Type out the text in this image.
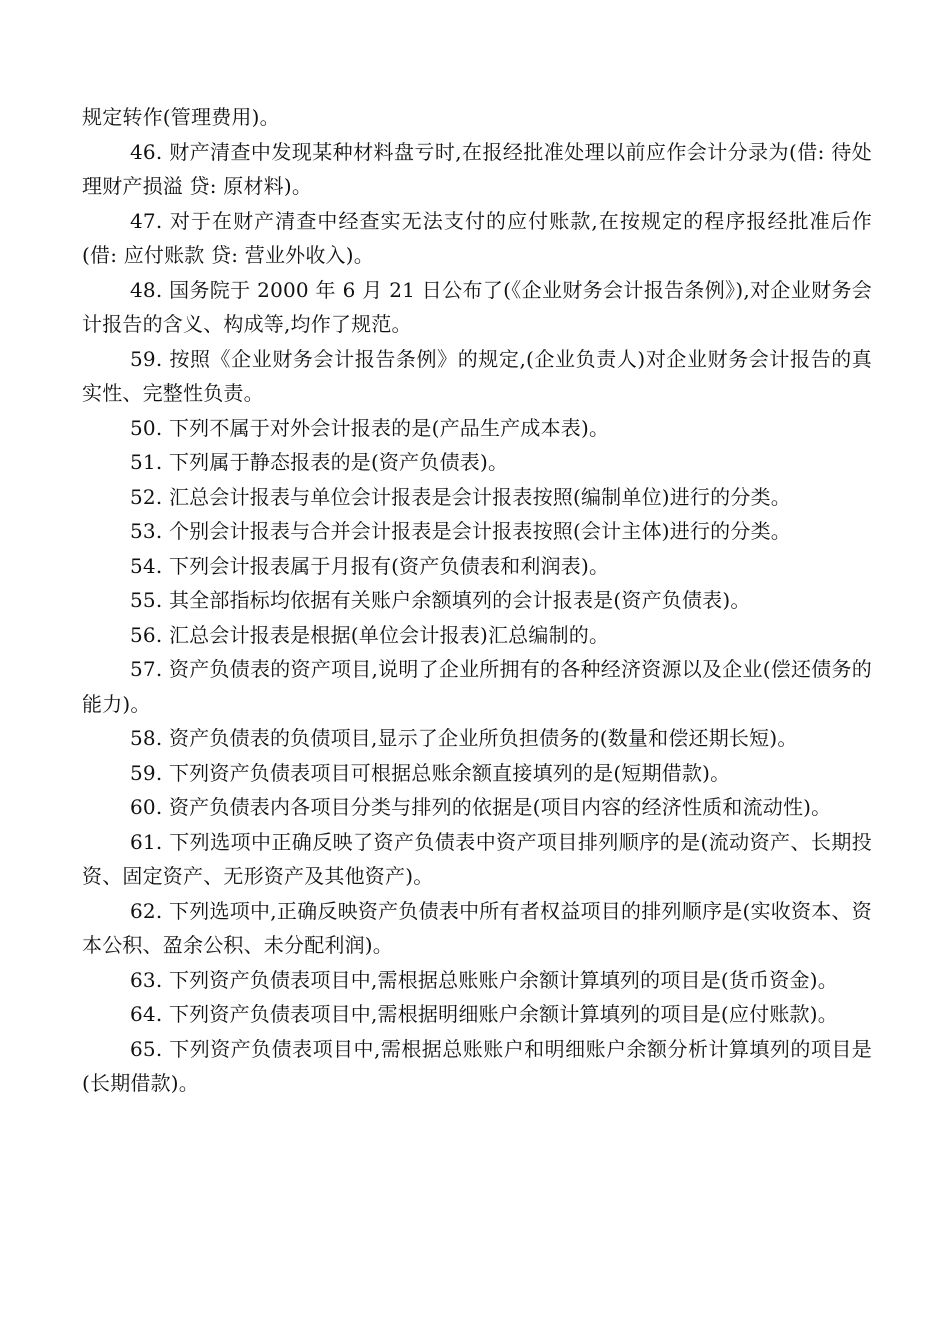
规定转作(管理费用)。

46. 财产清查中发现某种材料盘亏时,在报经批准处理以前应作会计分录为(借: 待处理财产损溢 贷: 原材料)。

47. 对于在财产清查中经查实无法支付的应付账款,在按规定的程序报经批准后作(借: 应付账款 贷: 营业外收入)。

48. 国务院于 2000 年 6 月 21 日公布了(《企业财务会计报告条例》),对企业财务会计报告的含义、构成等,均作了规范。

59. 按照《企业财务会计报告条例》的规定,(企业负责人)对企业财务会计报告的真实性、完整性负责。

50. 下列不属于对外会计报表的是(产品生产成本表)。

51. 下列属于静态报表的是(资产负债表)。

52. 汇总会计报表与单位会计报表是会计报表按照(编制单位)进行的分类。

53. 个别会计报表与合并会计报表是会计报表按照(会计主体)进行的分类。

54. 下列会计报表属于月报有(资产负债表和利润表)。

55. 其全部指标均依据有关账户余额填列的会计报表是(资产负债表)。

56. 汇总会计报表是根据(单位会计报表)汇总编制的。

57. 资产负债表的资产项目,说明了企业所拥有的各种经济资源以及企业(偿还债务的能力)。

58. 资产负债表的负债项目,显示了企业所负担债务的(数量和偿还期长短)。

59. 下列资产负债表项目可根据总账余额直接填列的是(短期借款)。

60. 资产负债表内各项目分类与排列的依据是(项目内容的经济性质和流动性)。

61. 下列选项中正确反映了资产负债表中资产项目排列顺序的是(流动资产、长期投资、固定资产、无形资产及其他资产)。

62. 下列选项中,正确反映资产负债表中所有者权益项目的排列顺序是(实收资本、资本公积、盈余公积、未分配利润)。

63. 下列资产负债表项目中,需根据总账账户余额计算填列的项目是(货币资金)。

64. 下列资产负债表项目中,需根据明细账户余额计算填列的项目是(应付账款)。

65. 下列资产负债表项目中,需根据总账账户和明细账户余额分析计算填列的项目是(长期借款)。
